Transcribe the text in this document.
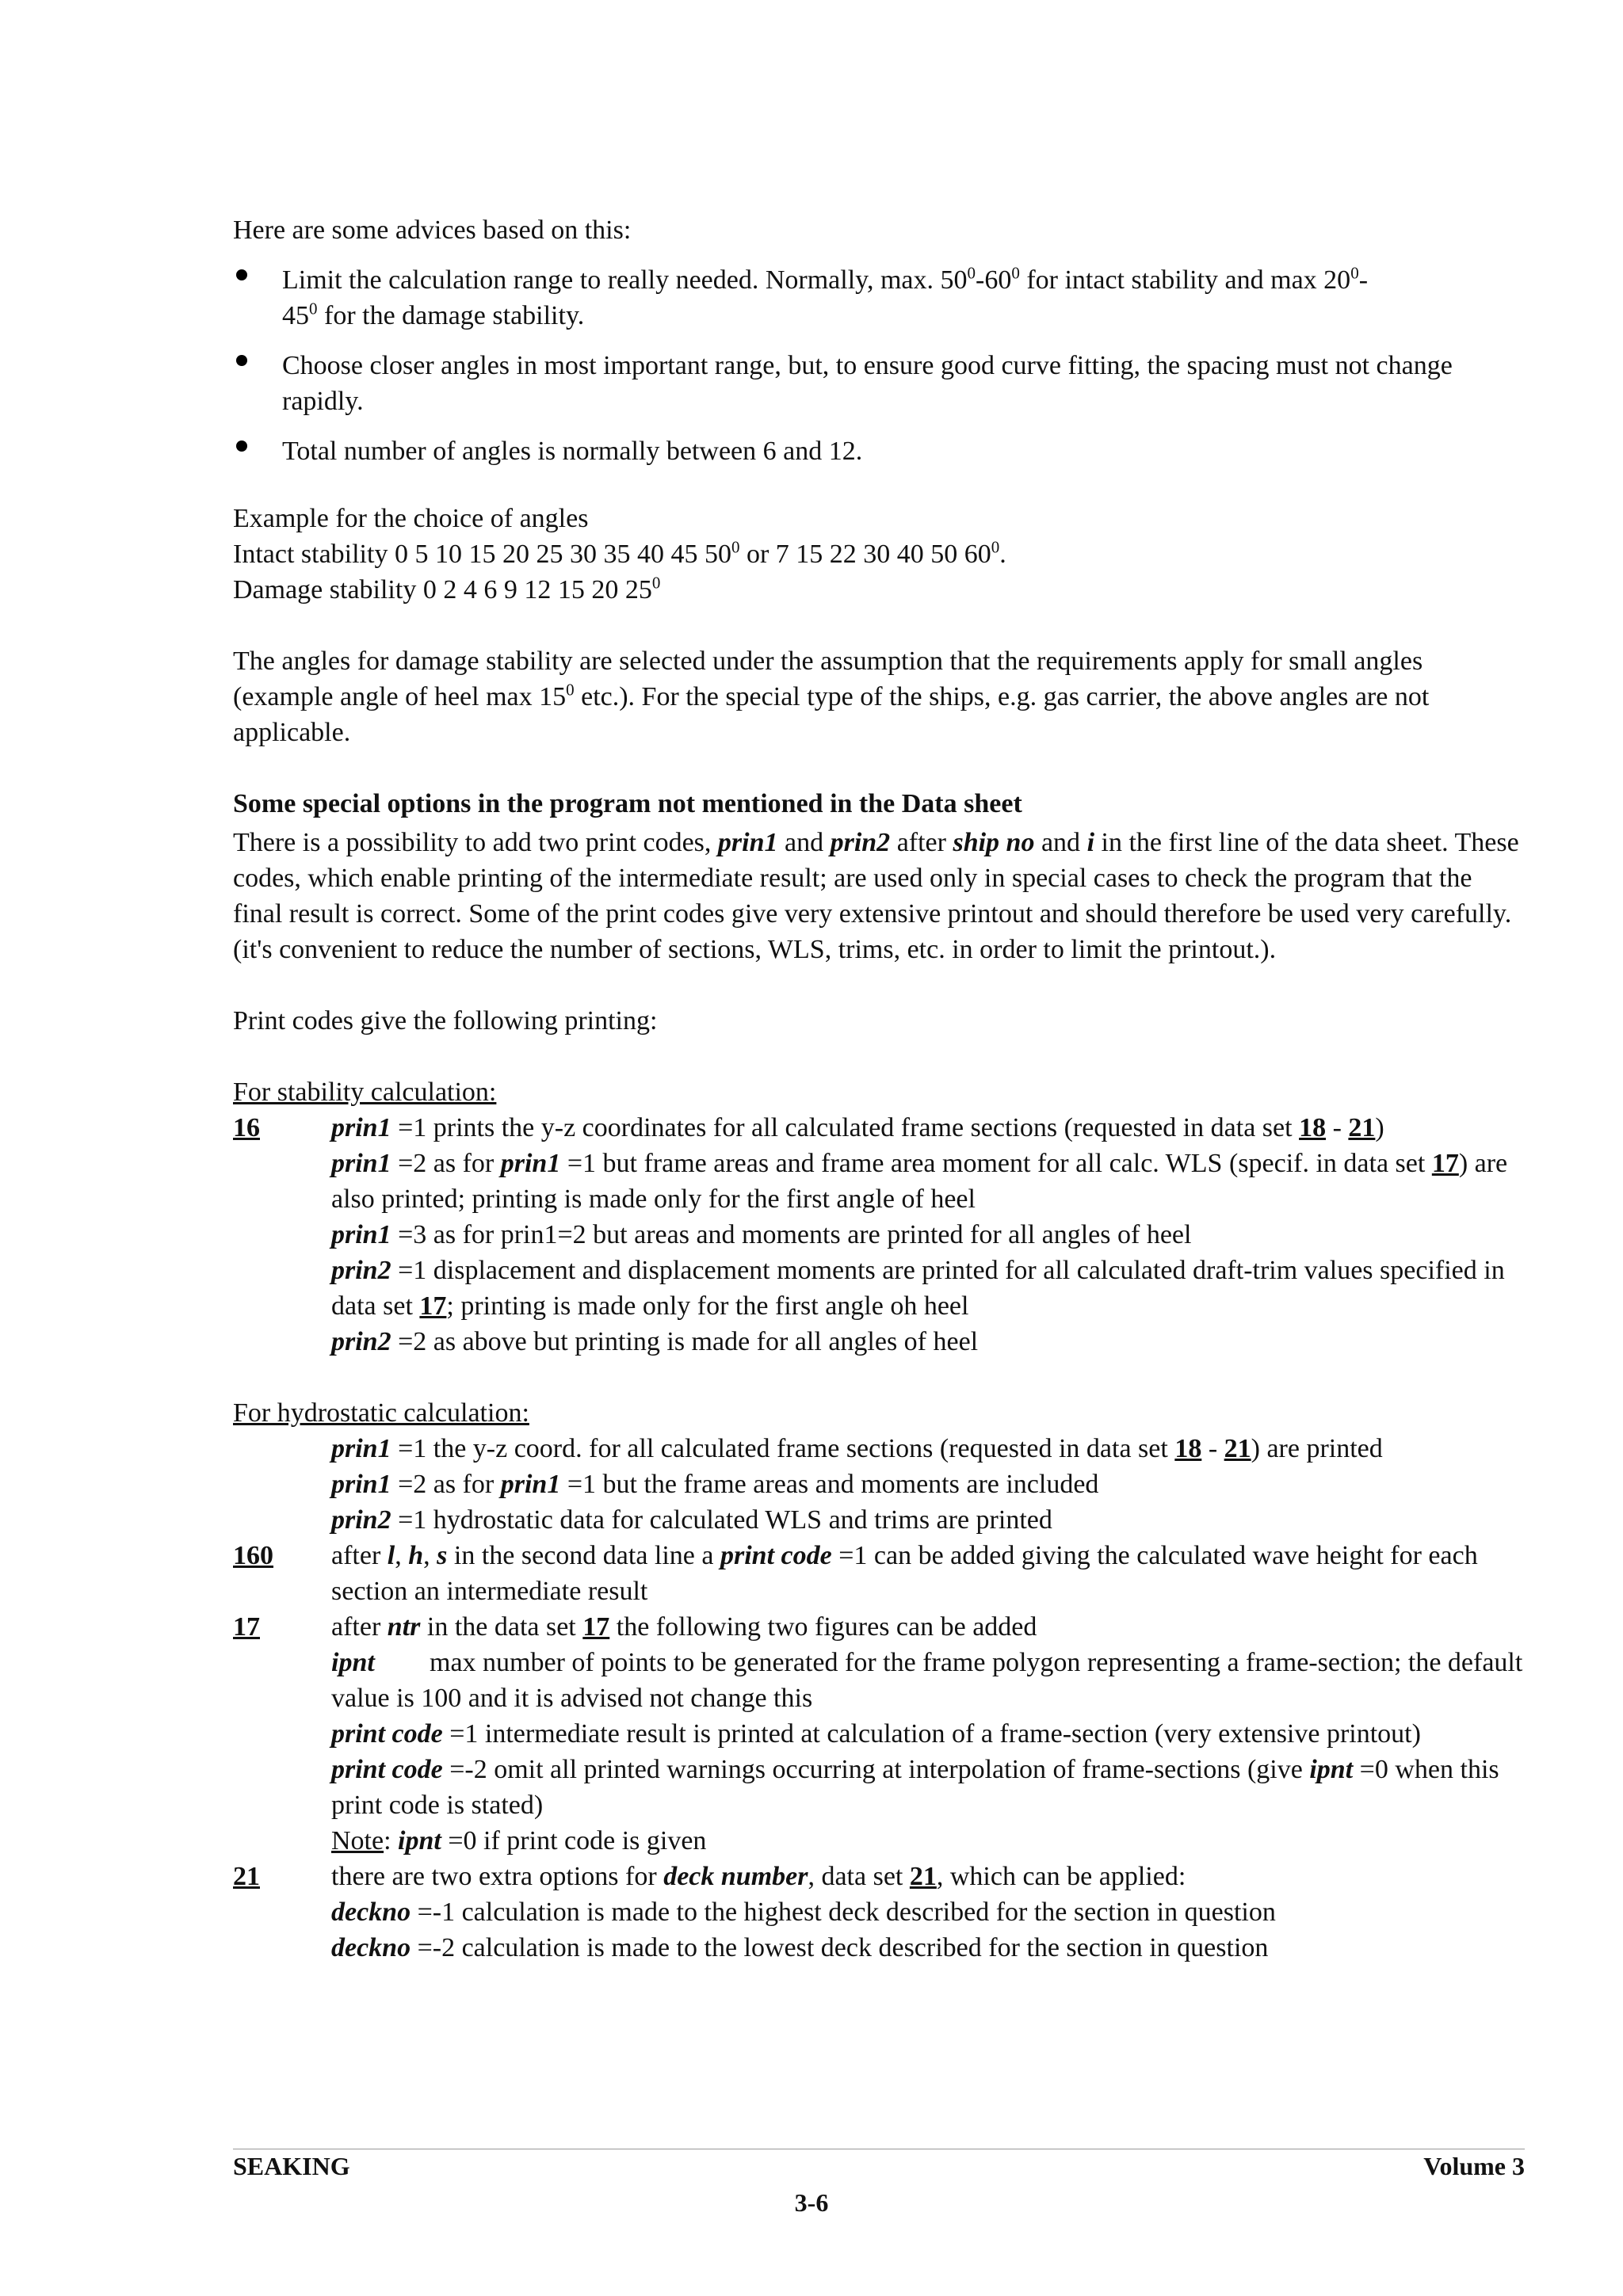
Here are some advices based on this:

Limit the calculation range to really needed. Normally, max. $50^0-60^0$ for intact stability and $\max 20^0-$
$45^0$ for the damage stability.
Choose closer angles in most important range, but, to ensure good curve fitting, the spacing must not change rapidly.
Total number of angles is normally between 6 and 12.

Example for the choice of angles

Intact stability 0 5 10 15 20 25 30 35 40 45 $50^0$ or 7 15 22 30 40 50 $60^0$.

Damage stability 0 2 4 6 9 12 15 20 $25^0$

The angles for damage stability are selected under the assumption that the requirements apply for small angles (example angle of heel $\max 15^0$ etc.). For the special type of the ships, e.g. gas carrier, the above angles are not applicable.

Some special options in the program not mentioned in the Data sheet

There is a possibility to add two print codes, prin1 and prin2 after ship no and i in the first line of the data sheet. These codes, which enable printing of the intermediate result; are used only in special cases to check the program that the final result is correct. Some of the print codes give very extensive printout and should therefore be used very carefully. (it's convenient to reduce the number of sections, WLS, trims, etc. in order to limit the printout.).

Print codes give the following printing:

For stability calculation:

16	prin1 =1 prints the y-z coordinates for all calculated frame sections (requested in data set 18 - 21)

prin1 =2 as for prin1 =1 but frame areas and frame area moment for all calc. WLS (specif. in data set 17) are also printed; printing is made only for the first angle of heel

prin1 =3 as for prin1=2 but areas and moments are printed for all angles of heel

prin2 =1 displacement and displacement moments are printed for all calculated draft-trim values specified in data set 17; printing is made only for the first angle oh heel

prin2 =2 as above but printing is made for all angles of heel

For hydrostatic calculation:

prin1 =1 the y-z coord. for all calculated frame sections (requested in data set 18 - 21) are printed

prin1 =2 as for prin1 =1 but the frame areas and moments are included

prin2 =1 hydrostatic data for calculated WLS and trims are printed

160	after l, h, s in the second data line a print code =1 can be added giving the calculated wave height for each section an intermediate result

17	after ntr in the data set 17 the following two figures can be added

ipnt max number of points to be generated for the frame polygon representing a frame-section; the default value is 100 and it is advised not change this

print code =1 intermediate result is printed at calculation of a frame-section (very extensive printout)

print code =-2 omit all printed warnings occurring at interpolation of frame-sections (give ipnt =0 when this print code is stated)

Note: ipnt =0 if print code is given

21	there are two extra options for deck number, data set 21, which can be applied:

deckno =-1 calculation is made to the highest deck described for the section in question

deckno =-2 calculation is made to the lowest deck described for the section in question

SEAKING	Volume 3
3-6
